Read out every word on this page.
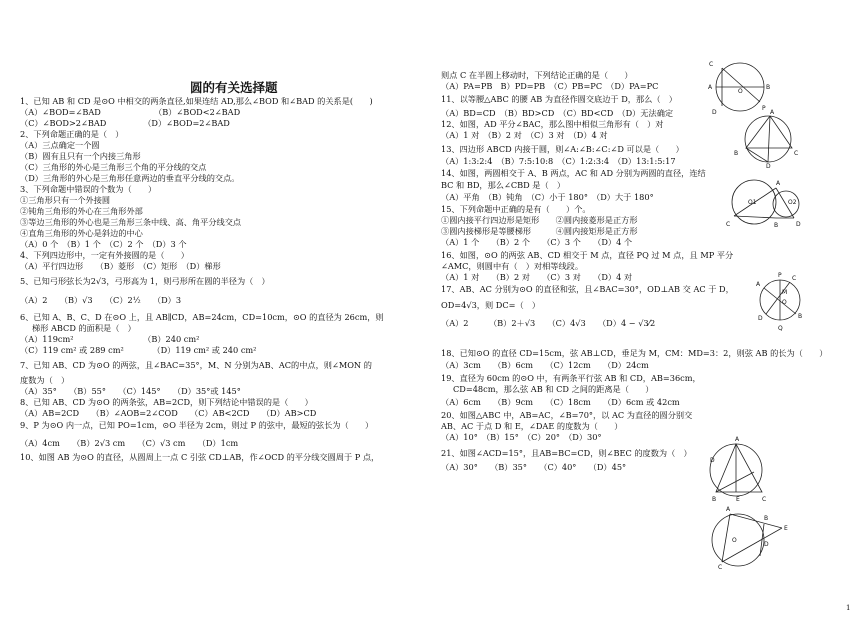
圆的有关选择题
1、已知 AB 和 CD 是⊙O 中相交的两条直径,如果连结 AD,那么∠BOD 和∠BAD 的关系是(　　)
（A）∠BOD=∠BAD　　　　　　　（B）∠BOD<2∠BAD
（C）∠BOD>2∠BAD　　　　　（D）∠BOD=2∠BAD
2、下列命题正确的是（　）
（A）三点确定一个圆
（B）圆有且只有一个内接三角形
（C）三角形的外心是三角形三个角的平分线的交点
（D）三角形的外心是三角形任意两边的垂直平分线的交点。
3、下列命题中错误的个数为（　　）
①三角形只有一个外接圆
②钝角三角形的外心在三角形外部
③等边三角形的外心也是三角形三条中线、高、角平分线交点
④直角三角形的外心是斜边的中心
（A）0 个　（B）1 个　（C）2 个　（D）3 个
4、下列四边形中，一定有外接圆的是（　　）
（A）平行四边形　　（B）菱形　（C）矩形　（D）梯形
5、已知弓形弦长为2√3，弓形高为 1，则弓形所在圆的半径为（　）
（A）2　　（B）√3　　（C）2½　　（D）3
6、已知 A、B、C、D 在⊙O 上，且 AB∥CD，AB=24cm，CD=10cm，⊙O 的直径为 26cm，则
梯形 ABCD 的面积是（　）
（A）119cm²　　　　　　　　　（B）240 cm²
（C）119 cm² 或 289 cm²　　　　（D）119 cm² 或 240 cm²
7、已知 AB、CD 为⊙O 的两弦，且∠BAC=35°，M、N 分别为AB、AC的中点，则∠MON 的
度数为（　）
（A）35°　　（B）55°　　（C）145°　　（D）35°或 145°
8、已知 AB、CD 为⊙O 的两条弦，AB=2CD，则下列结论中错误的是（　　）
（A）AB=2CD　　（B）∠AOB=2∠COD　　（C）AB<2CD　　（D）AB>CD
9、P 为⊙O 内一点，已知 PO=1cm，⊙O 半径为 2cm，则过 P 的弦中，最短的弦长为（　　）
（A）4cm　　（B）2√3 cm　　（C）√3 cm　　（D）1cm
10、如图 AB 为⊙O 的直径，从圆周上一点 C 引弦 CD⊥AB，作∠OCD 的平分线交圆周于 P 点，
则点 C 在半圆上移动时，下列结论正确的是（　　）
（A）PA=PB　B）PD=PB　（C）PB=PC　（D）PA=PC
11、以等腰△ABC 的腰 AB 为直径作圆交底边于 D，那么（　）
（A）BD=CD　（B）BD>CD　（C）BD<CD　（D）无法确定
12、如图，AD 平分∠BAC，那么图中相似三角形有（　）对
（A）1 对　（B）2 对　（C）3 对　（D）4 对
13、四边形 ABCD 内接于圆，则∠A:∠B:∠C:∠D 可以是（　　）
（A）1:3:2:4　（B）7:5:10:8　（C）1:2:3:4　（D）13:1:5:17
14、如图，两圆相交于 A、B 两点，AC 和 AD 分别为两圆的直径，连结
BC 和 BD，那么∠CBD 是（　）
（A）平角　（B）钝角　（C）小于 180°　（D）大于 180°
15、下列命题中正确的是有（　　）个。
①圆内接平行四边形是矩形　　②圆内接菱形是正方形
③圆内接梯形是等腰梯形　　　④圆内接矩形是正方形
（A）1 个　　（B）2 个　　（C）3 个　　（D）4 个
16、如图，⊙O 的两弦 AB、CD 相交于 M 点，直径 PQ 过 M 点，且 MP 平分
∠AMC，则圆中有（　）对相等线段。
（A）1 对　　（B）2 对　　（C）3 对　　（D）4 对
17、AB、AC 分别为⊙O 的直径和弦，且∠BAC=30°，OD⊥AB 交 AC 于 D，
OD=4√3，则 DC=（　）
（A）2　　　（B）2＋√3　　（C）4√3　　（D）4 − √3⁄2
18、已知⊙O 的直径 CD=15cm，弦 AB⊥CD，垂足为 M，CM：MD=3：2，则弦 AB 的长为（　　）
（A）3cm　　（B）6cm　　（C）12cm　　（D）24cm
19、直径为 60cm 的⊙O 中，有两条平行弦 AB 和 CD，AB=36cm，
CD=48cm，那么弦 AB 和 CD 之间的距离是（　　）
（A）6cm　　（B）9cm　　（C）18cm　　（D）6cm 或 42cm
20、如图△ABC 中，AB=AC，∠B=70°，以 AC 为直径的圆分别交
AB、AC 于点 D 和 E，∠DAE 的度数为（　　）
（A）10°　（B）15°　（C）20°　（D）30°
21、如图∠ACD=15°，且AB=BC=CD，则∠BEC 的度数为（　）
（A）30°　　（B）35°　　（C）40°　　（D）45°
C
A
O
B
D
P
A
B
D
C
C
A
O1	O2
B	D
A
P C
M
O
D	B
Q
A
D
B	E	C
A
B
E
O
D
C
1
